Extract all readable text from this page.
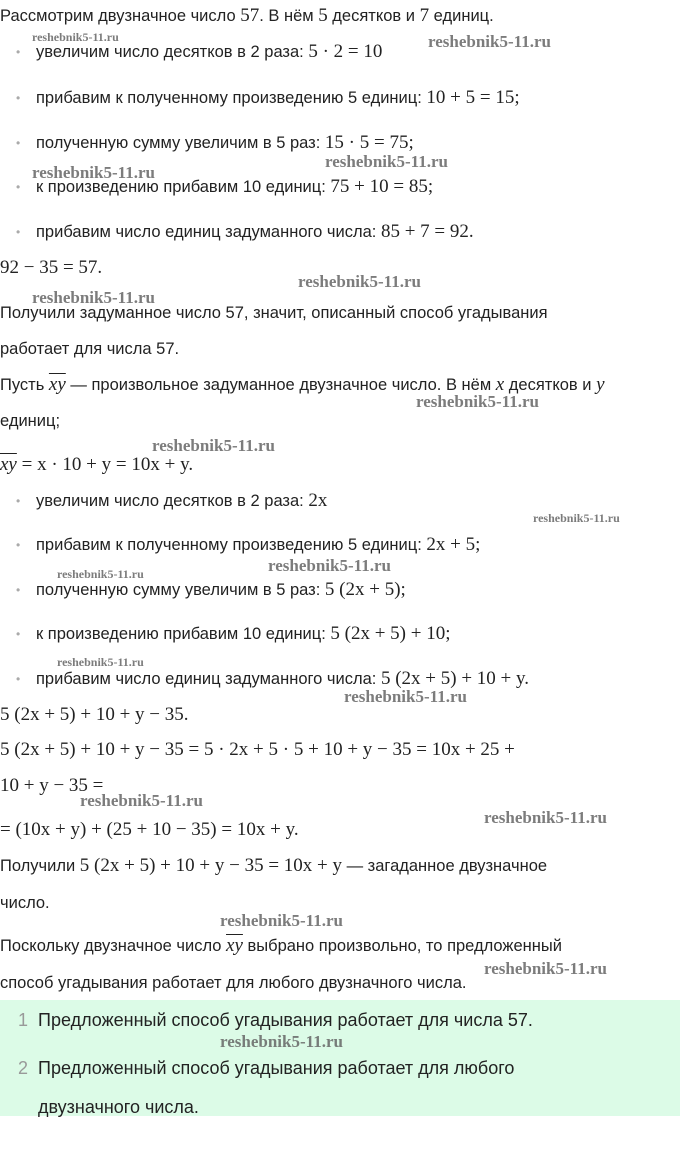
Рассмотрим двузначное число 57. В нём 5 десятков и 7 единиц.
• увеличим число десятков в 2 раза: 5 · 2 = 10
• прибавим к полученному произведению 5 единиц: 10 + 5 = 15;
• полученную сумму увеличим в 5 раз: 15 · 5 = 75;
• к произведению прибавим 10 единиц: 75 + 10 = 85;
• прибавим число единиц задуманного числа: 85 + 7 = 92.
92 − 35 = 57.
Получили задуманное число 57, значит, описанный способ угадывания
работает для числа 57.
Пусть $\overline{xy}$ — произвольное задуманное двузначное число. В нём x десятков и y
единиц;
$\overline{xy} = x \cdot 10 + y = 10x + y$.
• увеличим число десятков в 2 раза: 2x
• прибавим к полученному произведению 5 единиц: 2x + 5;
• полученную сумму увеличим в 5 раз: 5 (2x + 5);
• к произведению прибавим 10 единиц: 5 (2x + 5) + 10;
• прибавим число единиц задуманного числа: 5 (2x + 5) + 10 + y.
5 (2x + 5) + 10 + y − 35.
5 (2x + 5) + 10 + y − 35 = 5 · 2x + 5 · 5 + 10 + y − 35 = 10x + 25 +
10 + y − 35 =
= (10x + y) + (25 + 10 − 35) = 10x + y.
Получили 5 (2x + 5) + 10 + y − 35 = 10x + y — загаданное двузначное
число.
Поскольку двузначное число $\overline{xy}$ выбрано произвольно, то предложенный
способ угадывания работает для любого двузначного числа.
1 Предложенный способ угадывания работает для числа 57.
2 Предложенный способ угадывания работает для любого
двузначного числа.
reshebnik5-11.ru	reshebnik5-11.ru
reshebnik5-11.ru
reshebnik5-11.ru
reshebnik5-11.ru
reshebnik5-11.ru
reshebnik5-11.ru
reshebnik5-11.ru
reshebnik5-11.ru
reshebnik5-11.ru
reshebnik5-11.ru
reshebnik5-11.ru
reshebnik5-11.ru
reshebnik5-11.ru
reshebnik5-11.ru
reshebnik5-11.ru
reshebnik5-11.ru
reshebnik5-11.ru
